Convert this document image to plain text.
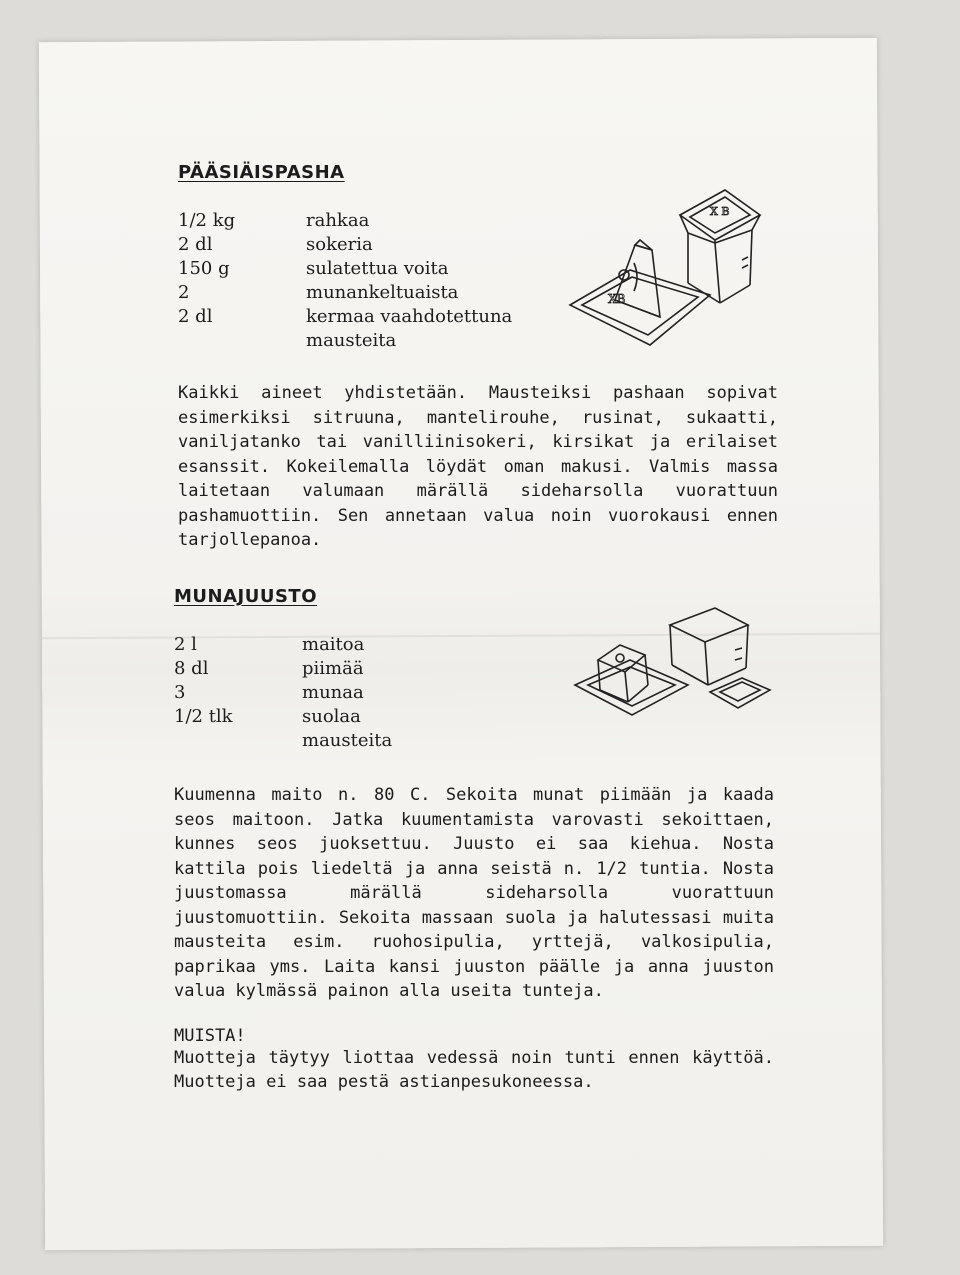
XB
X B
PÄÄSIÄISPASHA
1/2 kg	rahkaa
2 dl	sokeria
150 g	sulatettua voita
2	munankeltuaista
2 dl	kermaa vaahdotettuna
mausteita

Kaikki aineet yhdistetään. Mausteiksi pashaan sopivat esimerkiksi sitruuna, mantelirouhe, rusinat, sukaatti, vaniljatanko tai vanilliinisokeri, kirsikat ja erilaiset esanssit. Kokeilemalla löydät oman makusi. Valmis massa laitetaan valumaan märällä sideharsolla vuorattuun pashamuottiin. Sen annetaan valua noin vuorokausi ennen tarjollepanoa.

MUNAJUUSTO
2 l	maitoa
8 dl	piimää
3	munaa
1/2 tlk	suolaa
mausteita

Kuumenna maito n. 80 C. Sekoita munat piimään ja kaada seos maitoon. Jatka kuumentamista varovasti sekoittaen, kunnes seos juoksettuu. Juusto ei saa kiehua. Nosta kattila pois liedeltä ja anna seistä n. 1/2 tuntia. Nosta juustomassa märällä sideharsolla vuorattuun juustomuottiin. Sekoita massaan suola ja halutessasi muita mausteita esim. ruohosipulia, yrttejä, valkosipulia, paprikaa yms. Laita kansi juuston päälle ja anna juuston valua kylmässä painon alla useita tunteja.

MUISTA!

Muotteja täytyy liottaa vedessä noin tunti ennen käyttöä. Muotteja ei saa pestä astianpesukoneessa.
